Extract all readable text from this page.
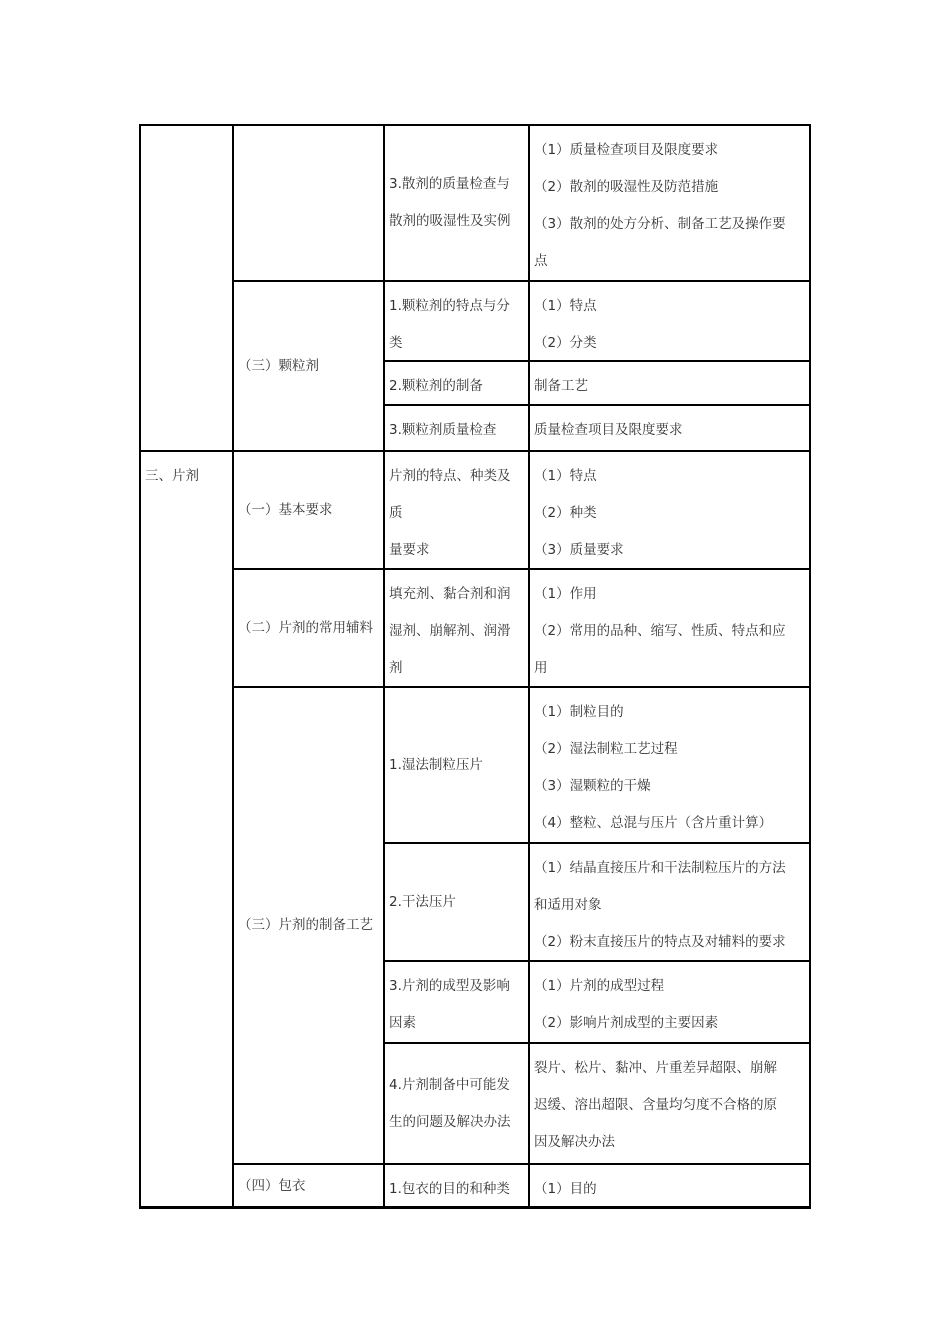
三、片剂
（三）颗粒剂
（一）基本要求
（二）片剂的常用辅料
（三）片剂的制备工艺
（四）包衣
3.散剂的质量检查与
散剂的吸湿性及实例
1.颗粒剂的特点与分
类
2.颗粒剂的制备
3.颗粒剂质量检查
片剂的特点、种类及
质
量要求
填充剂、黏合剂和润
湿剂、崩解剂、润滑
剂
1.湿法制粒压片
2.干法压片
3.片剂的成型及影响
因素
4.片剂制备中可能发
生的问题及解决办法
1.包衣的目的和种类
（1）质量检查项目及限度要求
（2）散剂的吸湿性及防范措施
（3）散剂的处方分析、制备工艺及操作要
点
（1）特点
（2）分类
制备工艺
质量检查项目及限度要求
（1）特点
（2）种类
（3）质量要求
（1）作用
（2）常用的品种、缩写、性质、特点和应
用
（1）制粒目的
（2）湿法制粒工艺过程
（3）湿颗粒的干燥
（4）整粒、总混与压片（含片重计算）
（1）结晶直接压片和干法制粒压片的方法
和适用对象
（2）粉末直接压片的特点及对辅料的要求
（1）片剂的成型过程
（2）影响片剂成型的主要因素
裂片、松片、黏冲、片重差异超限、崩解
迟缓、溶出超限、含量均匀度不合格的原
因及解决办法
（1）目的
